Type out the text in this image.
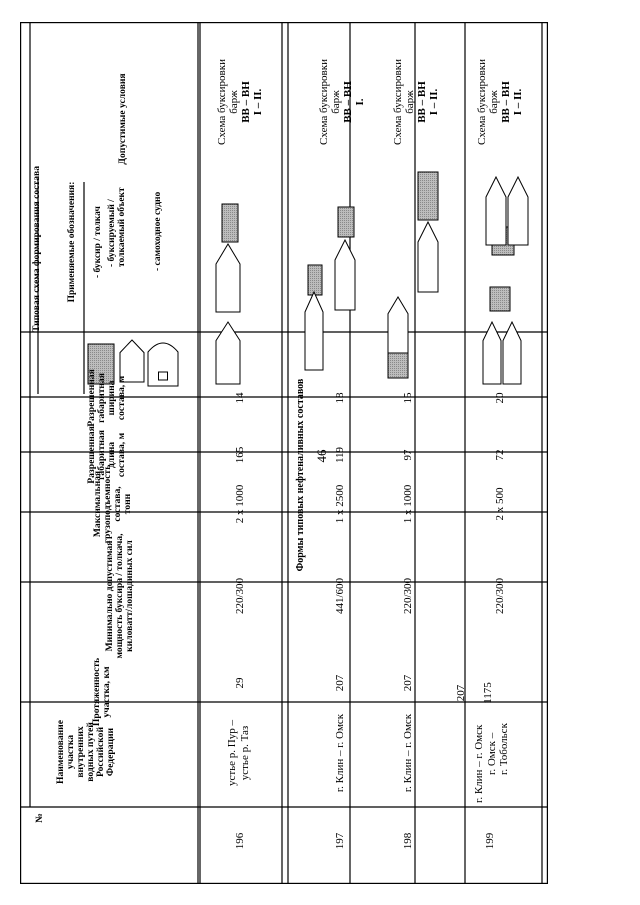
46
№
Наименование участка внутренних водных путей Российской Федерации
Протяженность участка, км
Минимально допустимая мощность буксира / толкача, киловатт/лошадиных сил
Максимальная грузоподъемность состава, тонн
Разрешенная габаритная длина состава, м
Разрешенная габаритная ширина состава, м
Типовая схема формирования состава
Допустимые условия
Применяемые обозначения: - буксир / толкач - буксируемый / толкаемый объект	- самоходное судно
Формы типовых нефтеналивных составов
196
устье р. Пур – устье р. Таз
29
220/300
2 x 1000
165
14
Схема буксировки барж ВВ – ВН I – II.
197
г. Клин – г. Омск
207
441/600
1 x 2500
119
18
Схема буксировки барж ВВ – ВН I.
198
г. Клин – г. Омск
207
220/300
1 x 1000
97
15
Схема буксировки барж ВВ – ВН I – II.
199
г. Клин – г. Омск г. Омск – г. Тобольск
207 1175
220/300
2 x 500
72
20
Схема буксировки барж ВВ – ВН I – II.
